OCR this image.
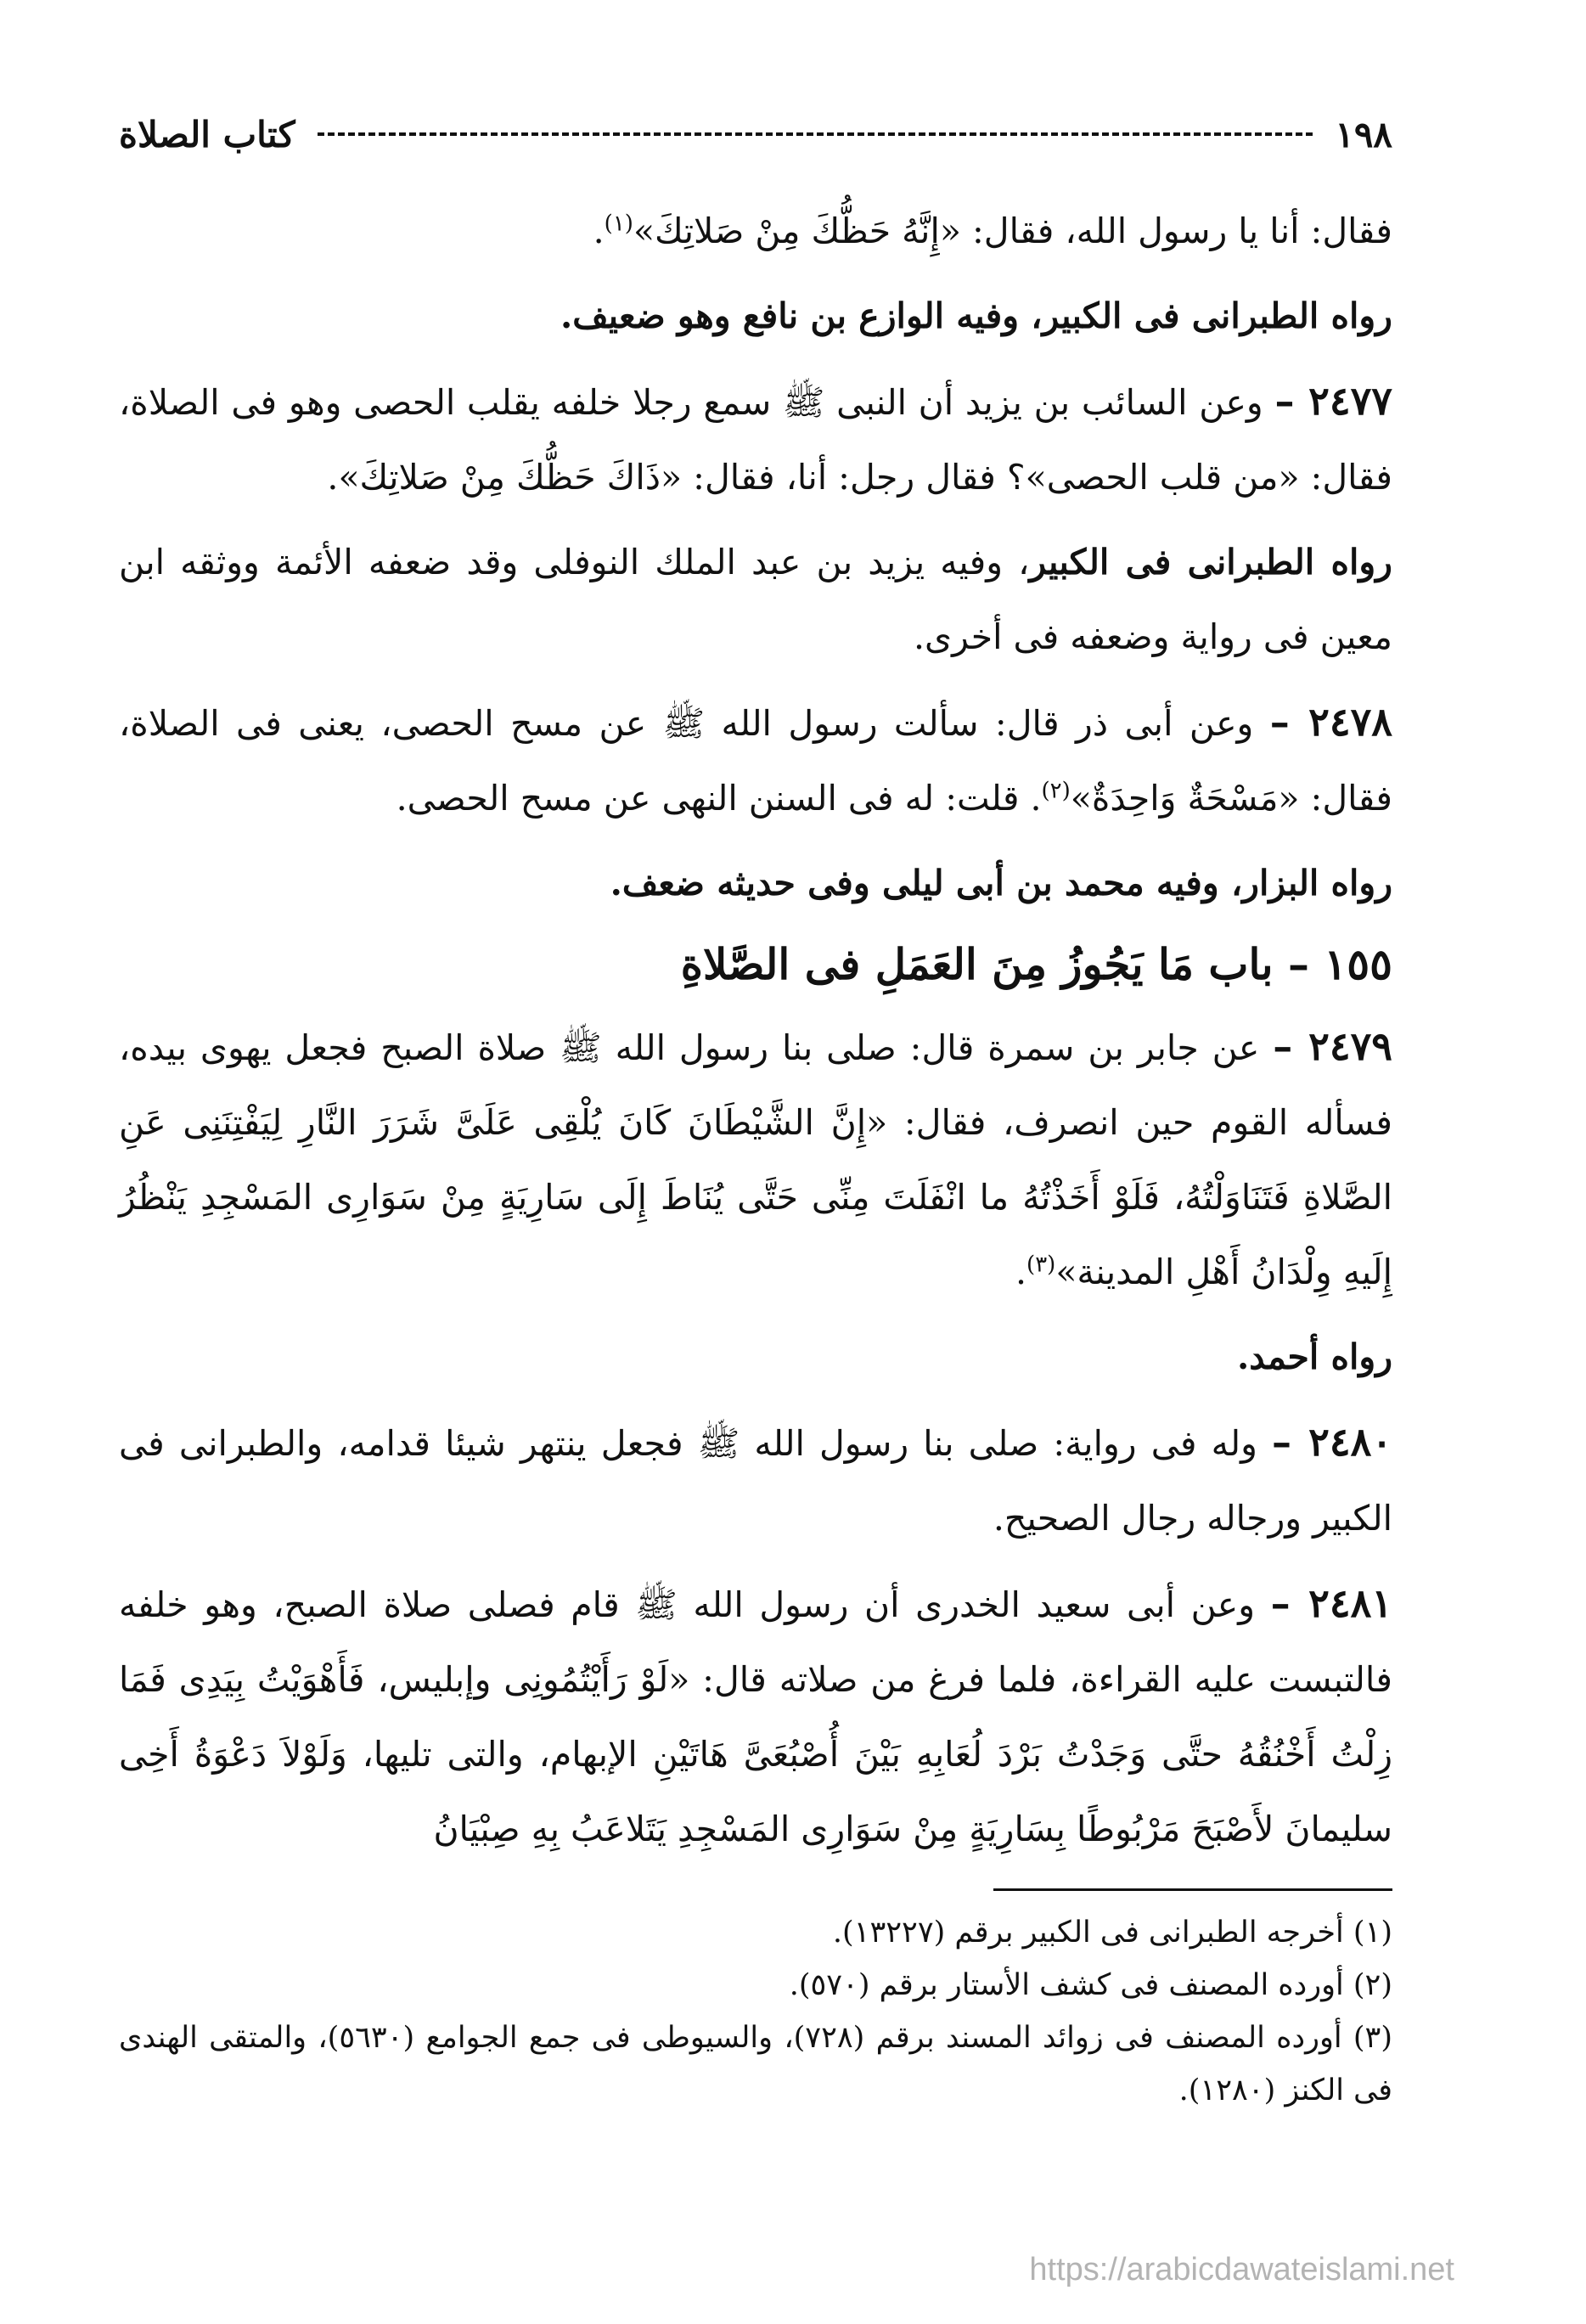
١٩٨
كتاب الصلاة

فقال: أنا يا رسول الله، فقال: «إِنَّهُ حَظُّكَ مِنْ صَلاتِكَ»$^{(١)}$.

رواه الطبرانى فى الكبير، وفيه الوازع بن نافع وهو ضعيف.

٢٤٧٧ – وعن السائب بن يزيد أن النبى ﷺ سمع رجلا خلفه يقلب الحصى وهو فى الصلاة، فقال: «من قلب الحصى»؟ فقال رجل: أنا، فقال: «ذَاكَ حَظُّكَ مِنْ صَلاتِكَ».

رواه الطبرانى فى الكبير، وفيه يزيد بن عبد الملك النوفلى وقد ضعفه الأئمة ووثقه ابن معين فى رواية وضعفه فى أخرى.

٢٤٧٨ – وعن أبى ذر قال: سألت رسول الله ﷺ عن مسح الحصى، يعنى فى الصلاة، فقال: «مَسْحَةٌ وَاحِدَةٌ»$^{(٢)}$. قلت: له فى السنن النهى عن مسح الحصى.

رواه البزار، وفيه محمد بن أبى ليلى وفى حديثه ضعف.

١٥٥ – باب مَا يَجُوزُ مِنَ العَمَلِ فى الصَّلاةِ

٢٤٧٩ – عن جابر بن سمرة قال: صلى بنا رسول الله ﷺ صلاة الصبح فجعل يهوى بيده، فسأله القوم حين انصرف، فقال: «إِنَّ الشَّيْطَانَ كَانَ يُلْقِى عَلَىَّ شَرَرَ النَّارِ لِيَفْتِنَنِى عَنِ الصَّلاةِ فَتَنَاوَلْتُهُ، فَلَوْ أَخَذْتُهُ ما انْفَلَتَ مِنِّى حَتَّى يُنَاطَ إِلَى سَارِيَةٍ مِنْ سَوَارِى المَسْجِدِ يَنْظُرُ إِلَيهِ وِلْدَانُ أَهْلِ المدينة»$^{(٣)}$.

رواه أحمد.

٢٤٨٠ – وله فى رواية: صلى بنا رسول الله ﷺ فجعل ينتهر شيئا قدامه، والطبرانى فى الكبير ورجاله رجال الصحيح.

٢٤٨١ – وعن أبى سعيد الخدرى أن رسول الله ﷺ قام فصلى صلاة الصبح، وهو خلفه فالتبست عليه القراءة، فلما فرغ من صلاته قال: «لَوْ رَأَيْتُمُونِى وإبليس، فَأَهْوَيْتُ بِيَدِى فَمَا زِلْتُ أَخْنُقُهُ حتَّى وَجَدْتُ بَرْدَ لُعَابِهِ بَيْنَ أُصْبُعَىَّ هَاتَيْنِ الإبهام، والتى تليها، وَلَوْلاَ دَعْوَةُ أَخِى سليمانَ لأَصْبَحَ مَرْبُوطًا بِسَارِيَةٍ مِنْ سَوَارِى المَسْجِدِ يَتَلاعَبُ بِهِ صِبْيَانُ

(١) أخرجه الطبرانى فى الكبير برقم (١٣٢٢٧).

(٢) أورده المصنف فى كشف الأستار برقم (٥٧٠).

(٣) أورده المصنف فى زوائد المسند برقم (٧٢٨)، والسيوطى فى جمع الجوامع (٥٦٣٠)، والمتقى الهندى فى الكنز (١٢٨٠).

https://arabicdawateislami.net
